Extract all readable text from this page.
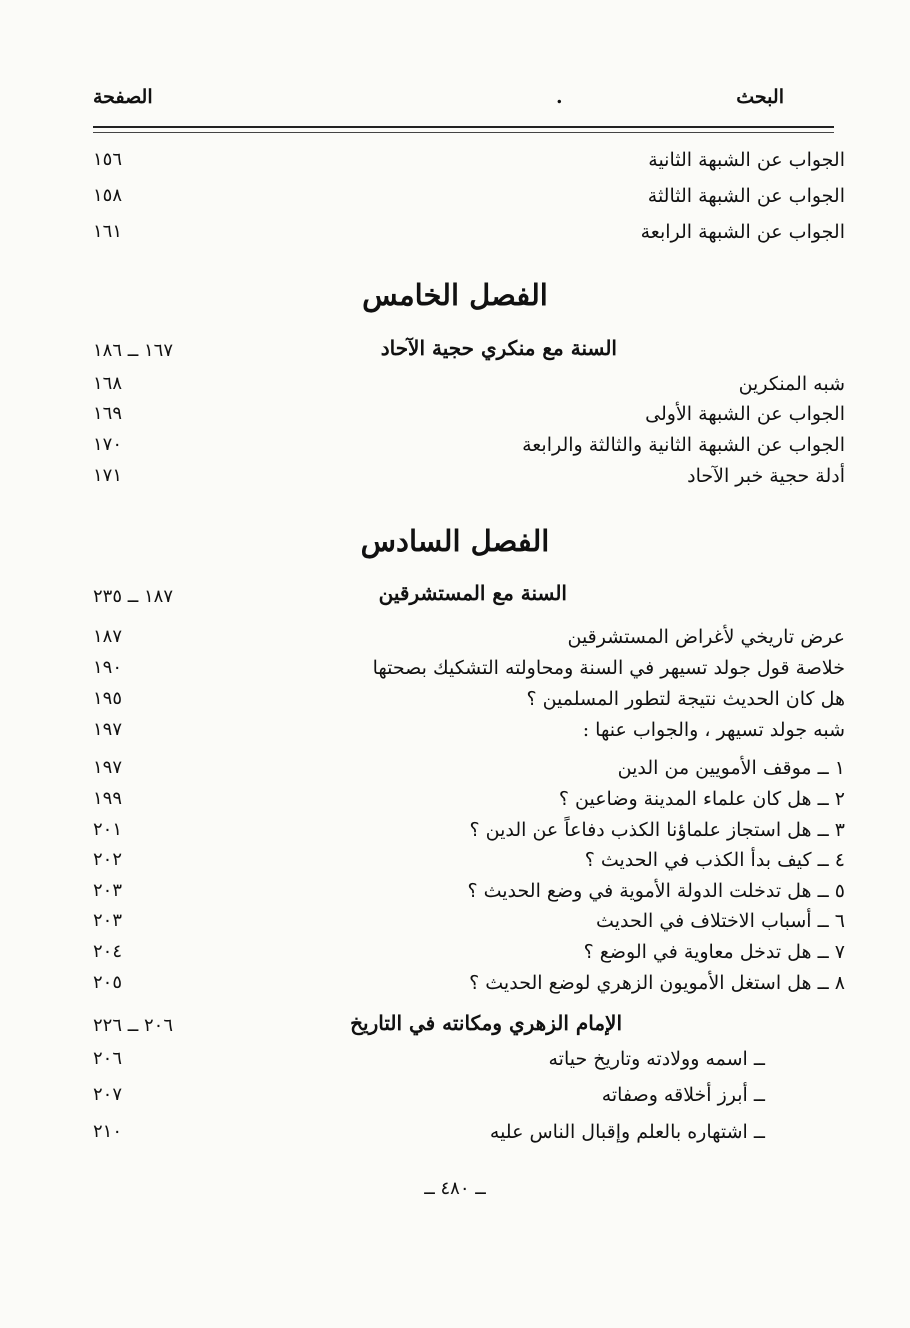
البحث
.
الصفحة
الجواب عن الشبهة الثانية
١٥٦
الجواب عن الشبهة الثالثة
١٥٨
الجواب عن الشبهة الرابعة
١٦١
الفصل الخامس
السنة مع منكري حجية الآحاد
١٦٧ ــ ١٨٦
شبه المنكرين
١٦٨
الجواب عن الشبهة الأولى
١٦٩
الجواب عن الشبهة الثانية والثالثة والرابعة
١٧٠
أدلة حجية خبر الآحاد
١٧١
الفصل السادس
السنة مع المستشرقين
١٨٧ ــ ٢٣٥
عرض تاريخي لأغراض المستشرقين
١٨٧
خلاصة قول جولد تسيهر في السنة ومحاولته التشكيك بصحتها
١٩٠
هل كان الحديث نتيجة لتطور المسلمين ؟
١٩٥
شبه جولد تسيهر ، والجواب عنها :
١٩٧
١ ــ موقف الأمويين من الدين
١٩٧
٢ ــ هل كان علماء المدينة وضاعين ؟
١٩٩
٣ ــ هل استجاز علماؤنا الكذب دفاعاً عن الدين ؟
٢٠١
٤ ــ كيف بدأ الكذب في الحديث ؟
٢٠٢
٥ ــ هل تدخلت الدولة الأموية في وضع الحديث ؟
٢٠٣
٦ ــ أسباب الاختلاف في الحديث
٢٠٣
٧ ــ هل تدخل معاوية في الوضع ؟
٢٠٤
٨ ــ هل استغل الأمويون الزهري لوضع الحديث ؟
٢٠٥
الإمام الزهري ومكانته في التاريخ
٢٠٦ ــ ٢٢٦
ــ اسمه وولادته وتاريخ حياته
٢٠٦
ــ أبرز أخلاقه وصفاته
٢٠٧
ــ اشتهاره بالعلم وإقبال الناس عليه
٢١٠
ــ ٤٨٠ ــ
